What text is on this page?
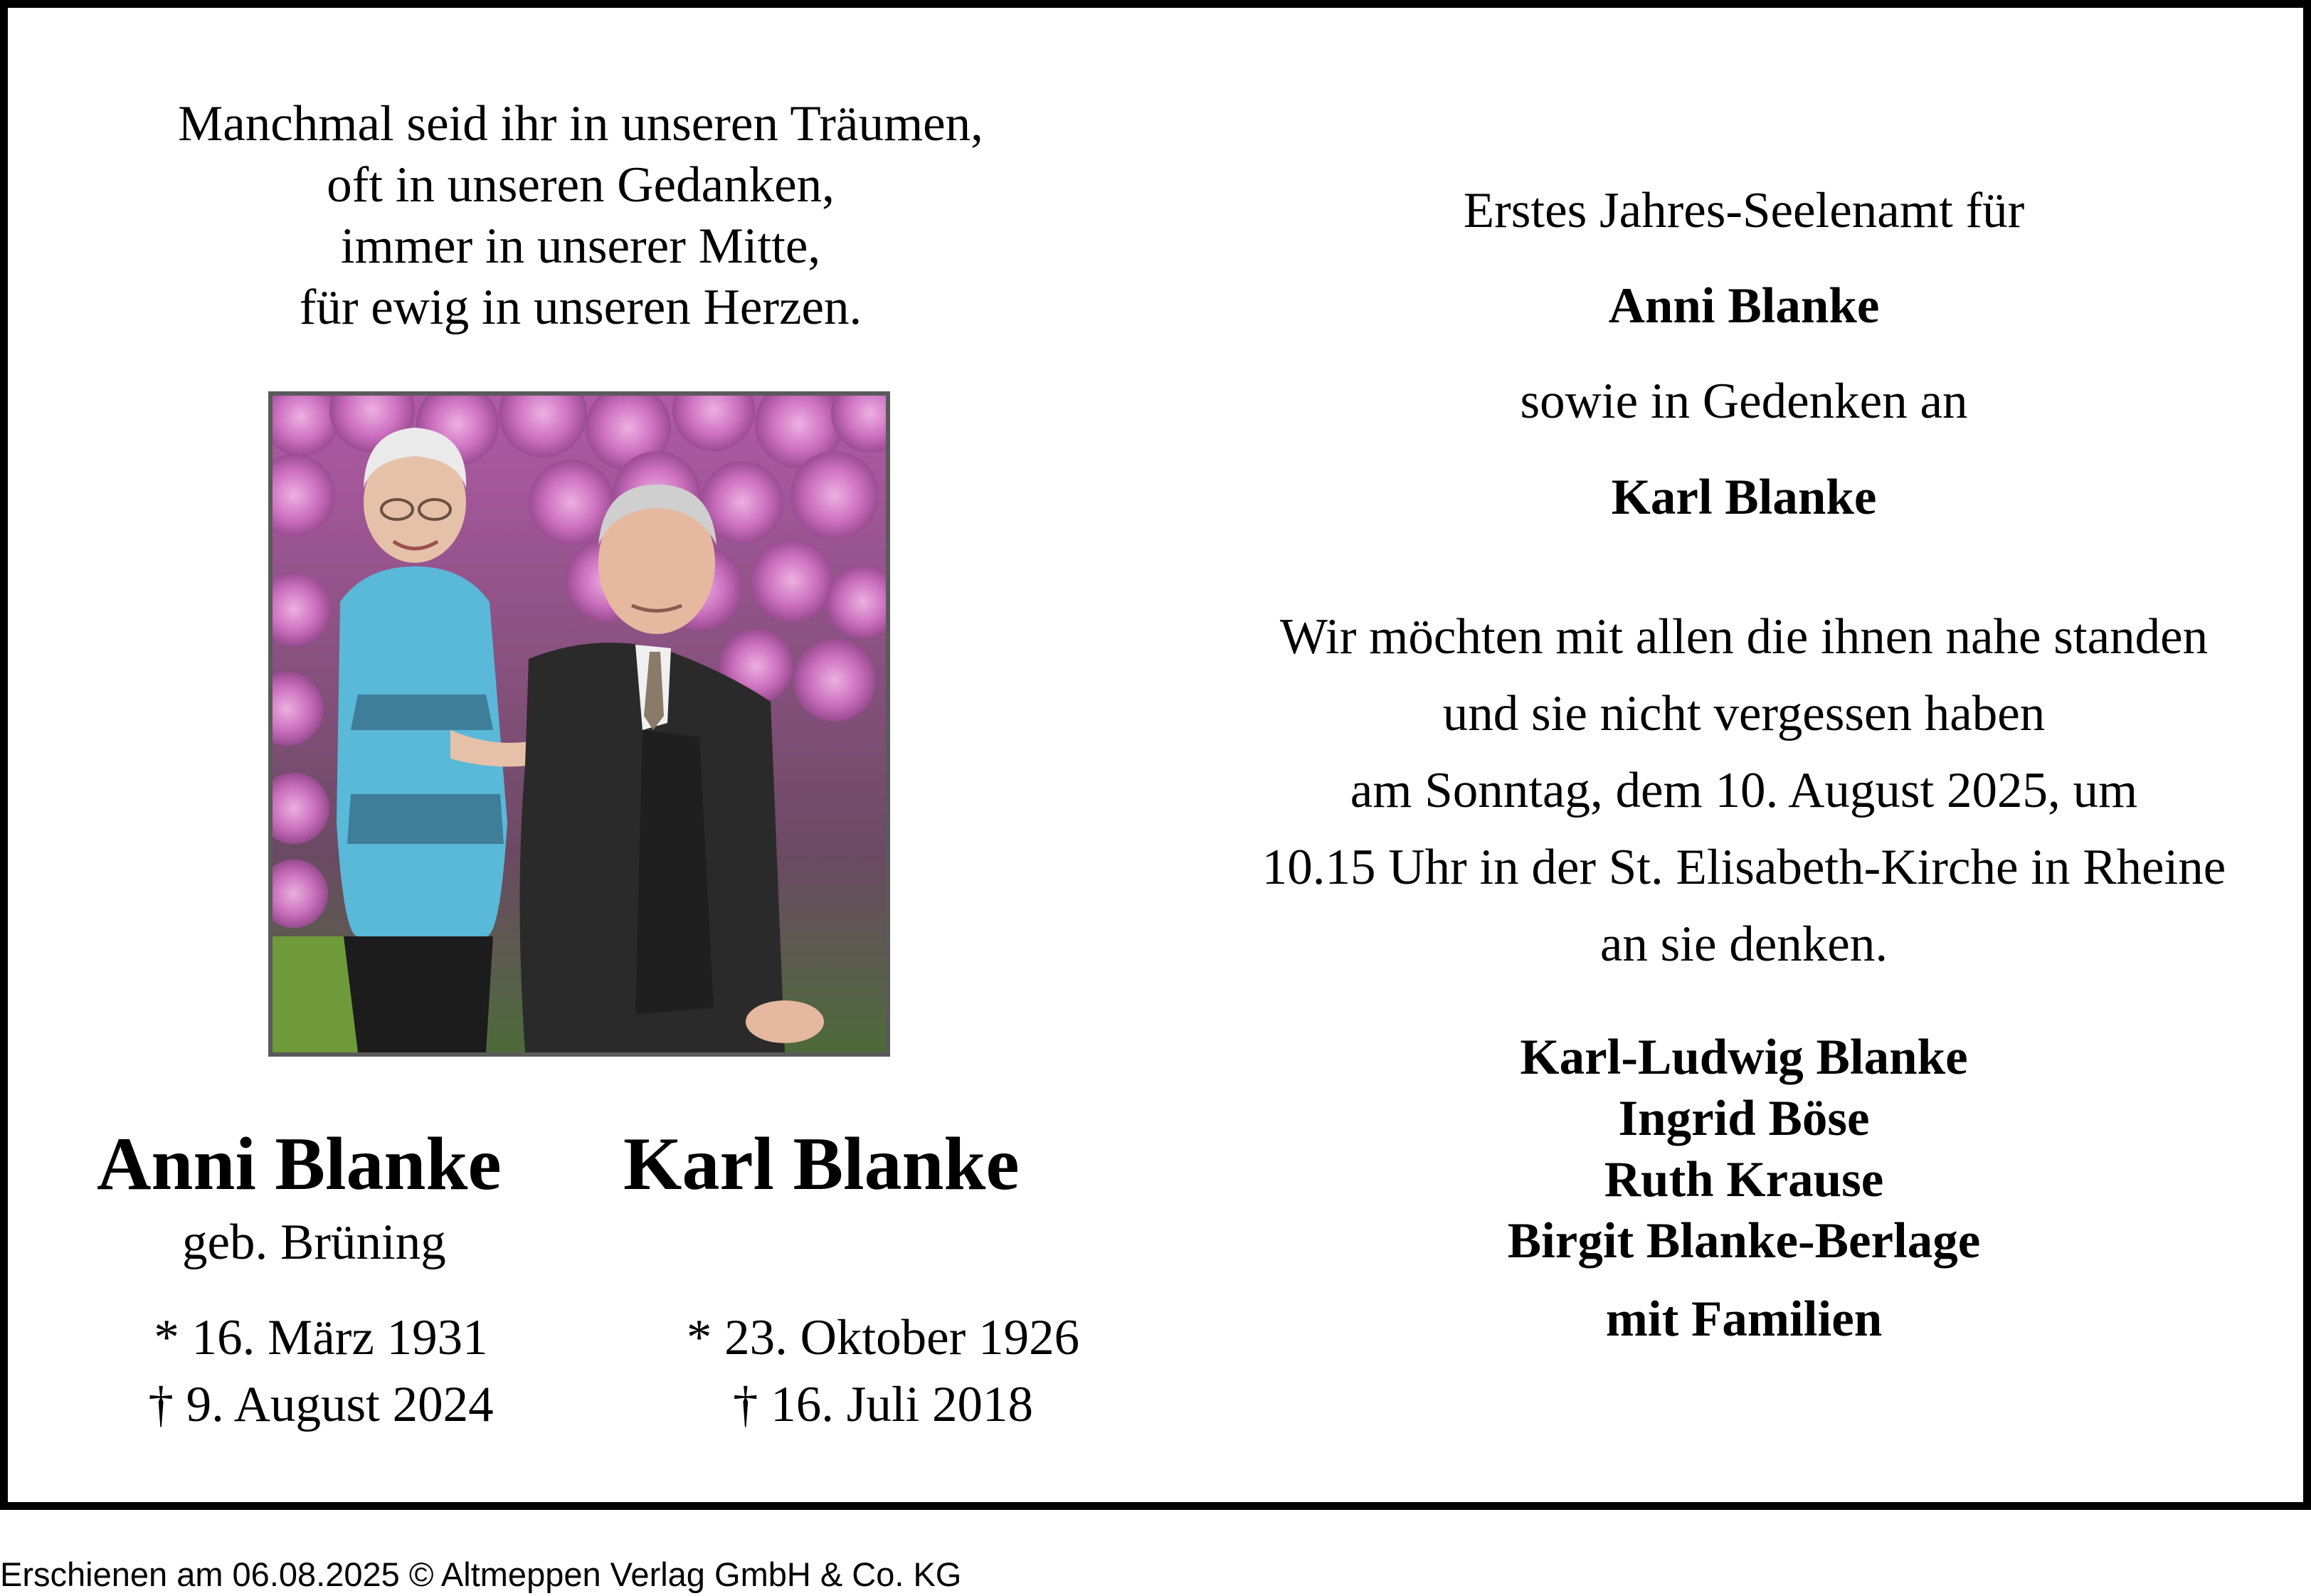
Manchmal seid ihr in unseren Träumen,
oft in unseren Gedanken,
immer in unserer Mitte,
für ewig in unseren Herzen.
Anni Blanke Karl Blanke
geb. Brüning
* 16. März 1931
† 9. August 2024
* 23. Oktober 1926
† 16. Juli 2018
Erstes Jahres-Seelenamt für
Anni Blanke
sowie in Gedenken an
Karl Blanke
Wir möchten mit allen die ihnen nahe standen
und sie nicht vergessen haben
am Sonntag, dem 10. August 2025, um
10.15 Uhr in der St. Elisabeth-Kirche in Rheine
an sie denken.
Karl-Ludwig Blanke
Ingrid Böse
Ruth Krause
Birgit Blanke-Berlage
mit Familien
Erschienen am 06.08.2025 © Altmeppen Verlag GmbH & Co. KG
